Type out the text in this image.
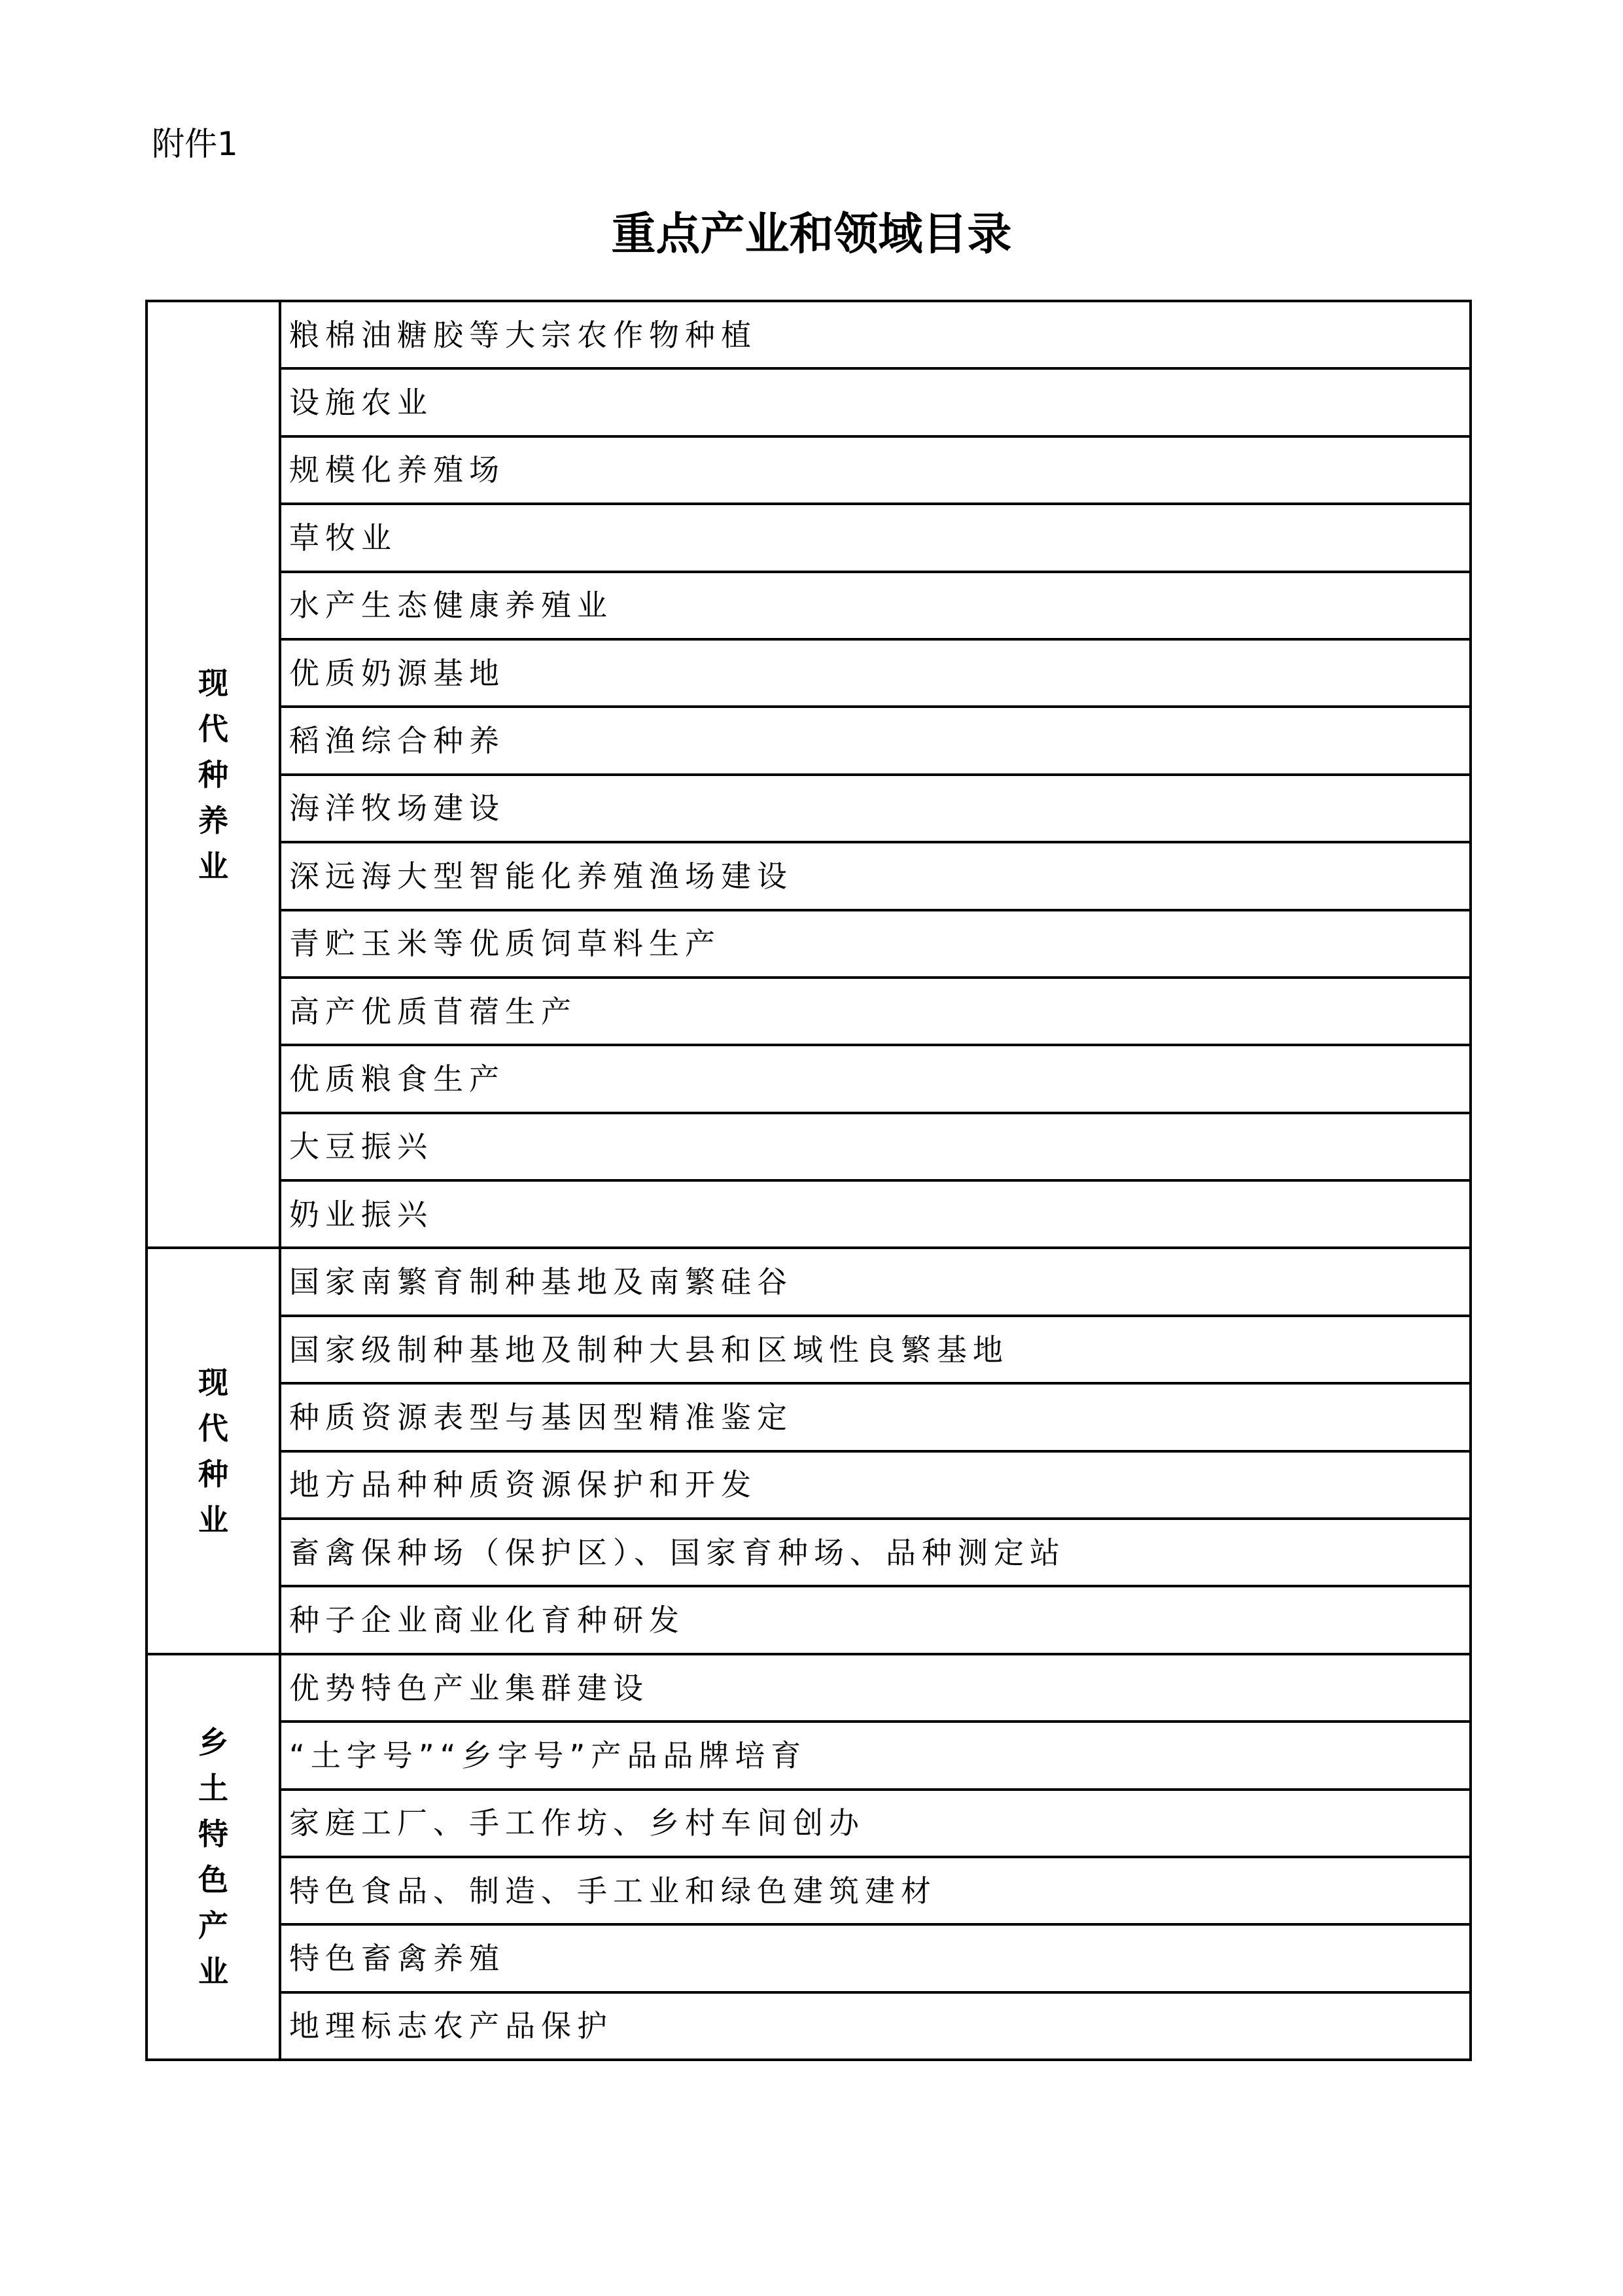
附件1
重点产业和领域目录
现代种养业	粮棉油糖胶等大宗农作物种植
	设施农业
	规模化养殖场
	草牧业
	水产生态健康养殖业
	优质奶源基地
	稻渔综合种养
	海洋牧场建设
	深远海大型智能化养殖渔场建设
	青贮玉米等优质饲草料生产
	高产优质苜蓿生产
	优质粮食生产
	大豆振兴
	奶业振兴
现代种业	国家南繁育制种基地及南繁硅谷
	国家级制种基地及制种大县和区域性良繁基地
	种质资源表型与基因型精准鉴定
	地方品种种质资源保护和开发
	畜禽保种场（保护区）、国家育种场、品种测定站
	种子企业商业化育种研发
乡土特色产业	优势特色产业集群建设
	“土字号”“乡字号”产品品牌培育
	家庭工厂、手工作坊、乡村车间创办
	特色食品、制造、手工业和绿色建筑建材
	特色畜禽养殖
	地理标志农产品保护
